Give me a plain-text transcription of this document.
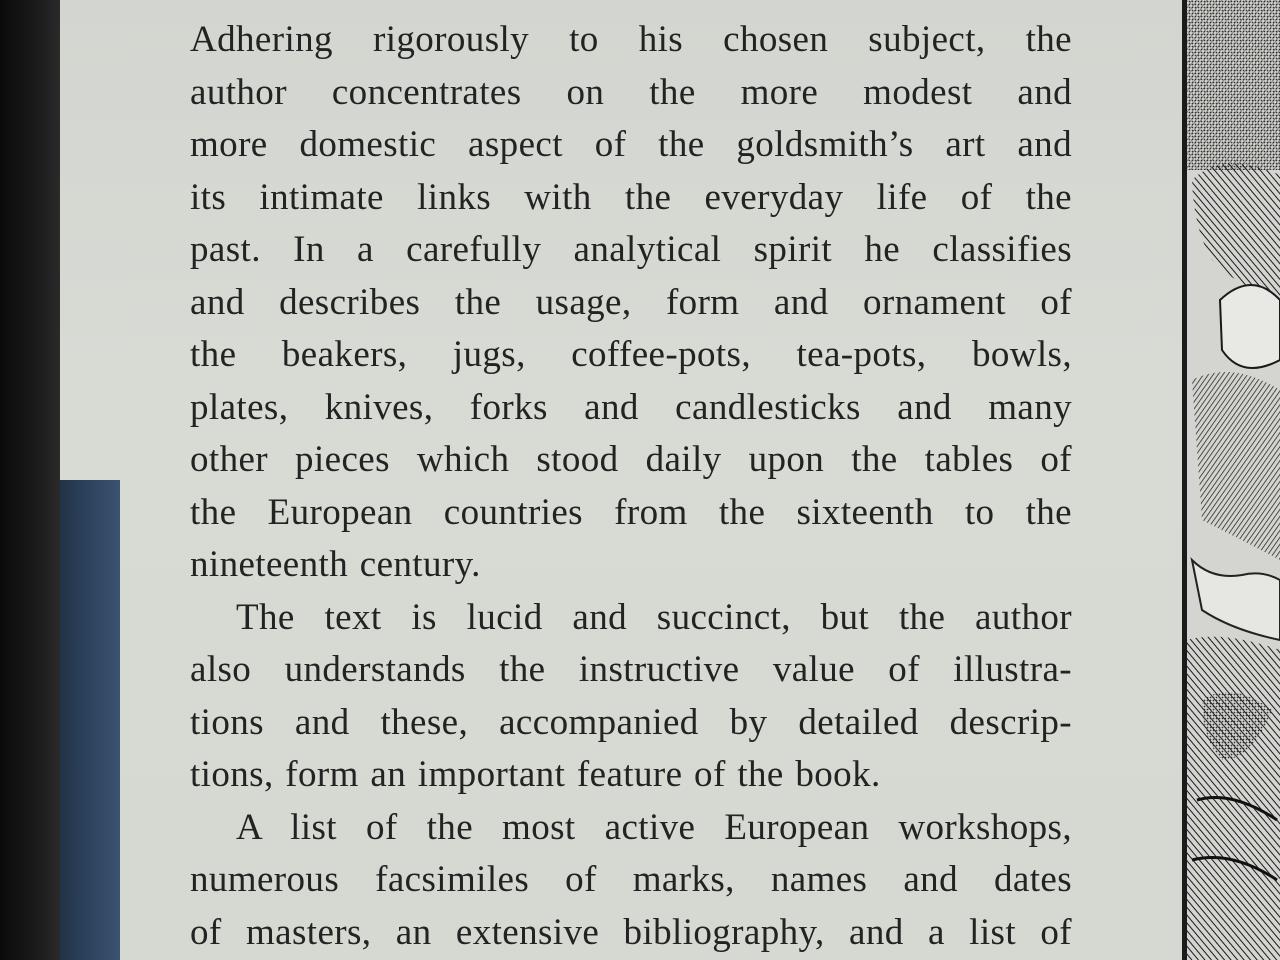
Adhering rigorously to his chosen subject, the
author concentrates on the more modest and
more domestic aspect of the goldsmith’s art and
its intimate links with the everyday life of the
past. In a carefully analytical spirit he classifies
and describes the usage, form and ornament of
the beakers, jugs, coffee-pots, tea-pots, bowls,
plates, knives, forks and candlesticks and many
other pieces which stood daily upon the tables of
the European countries from the sixteenth to the
nineteenth century.

The text is lucid and succinct, but the author
also understands the instructive value of illustra-
tions and these, accompanied by detailed descrip-
tions, form an important feature of the book.

A list of the most active European workshops,
numerous facsimiles of marks, names and dates
of masters, an extensive bibliography, and a list of
